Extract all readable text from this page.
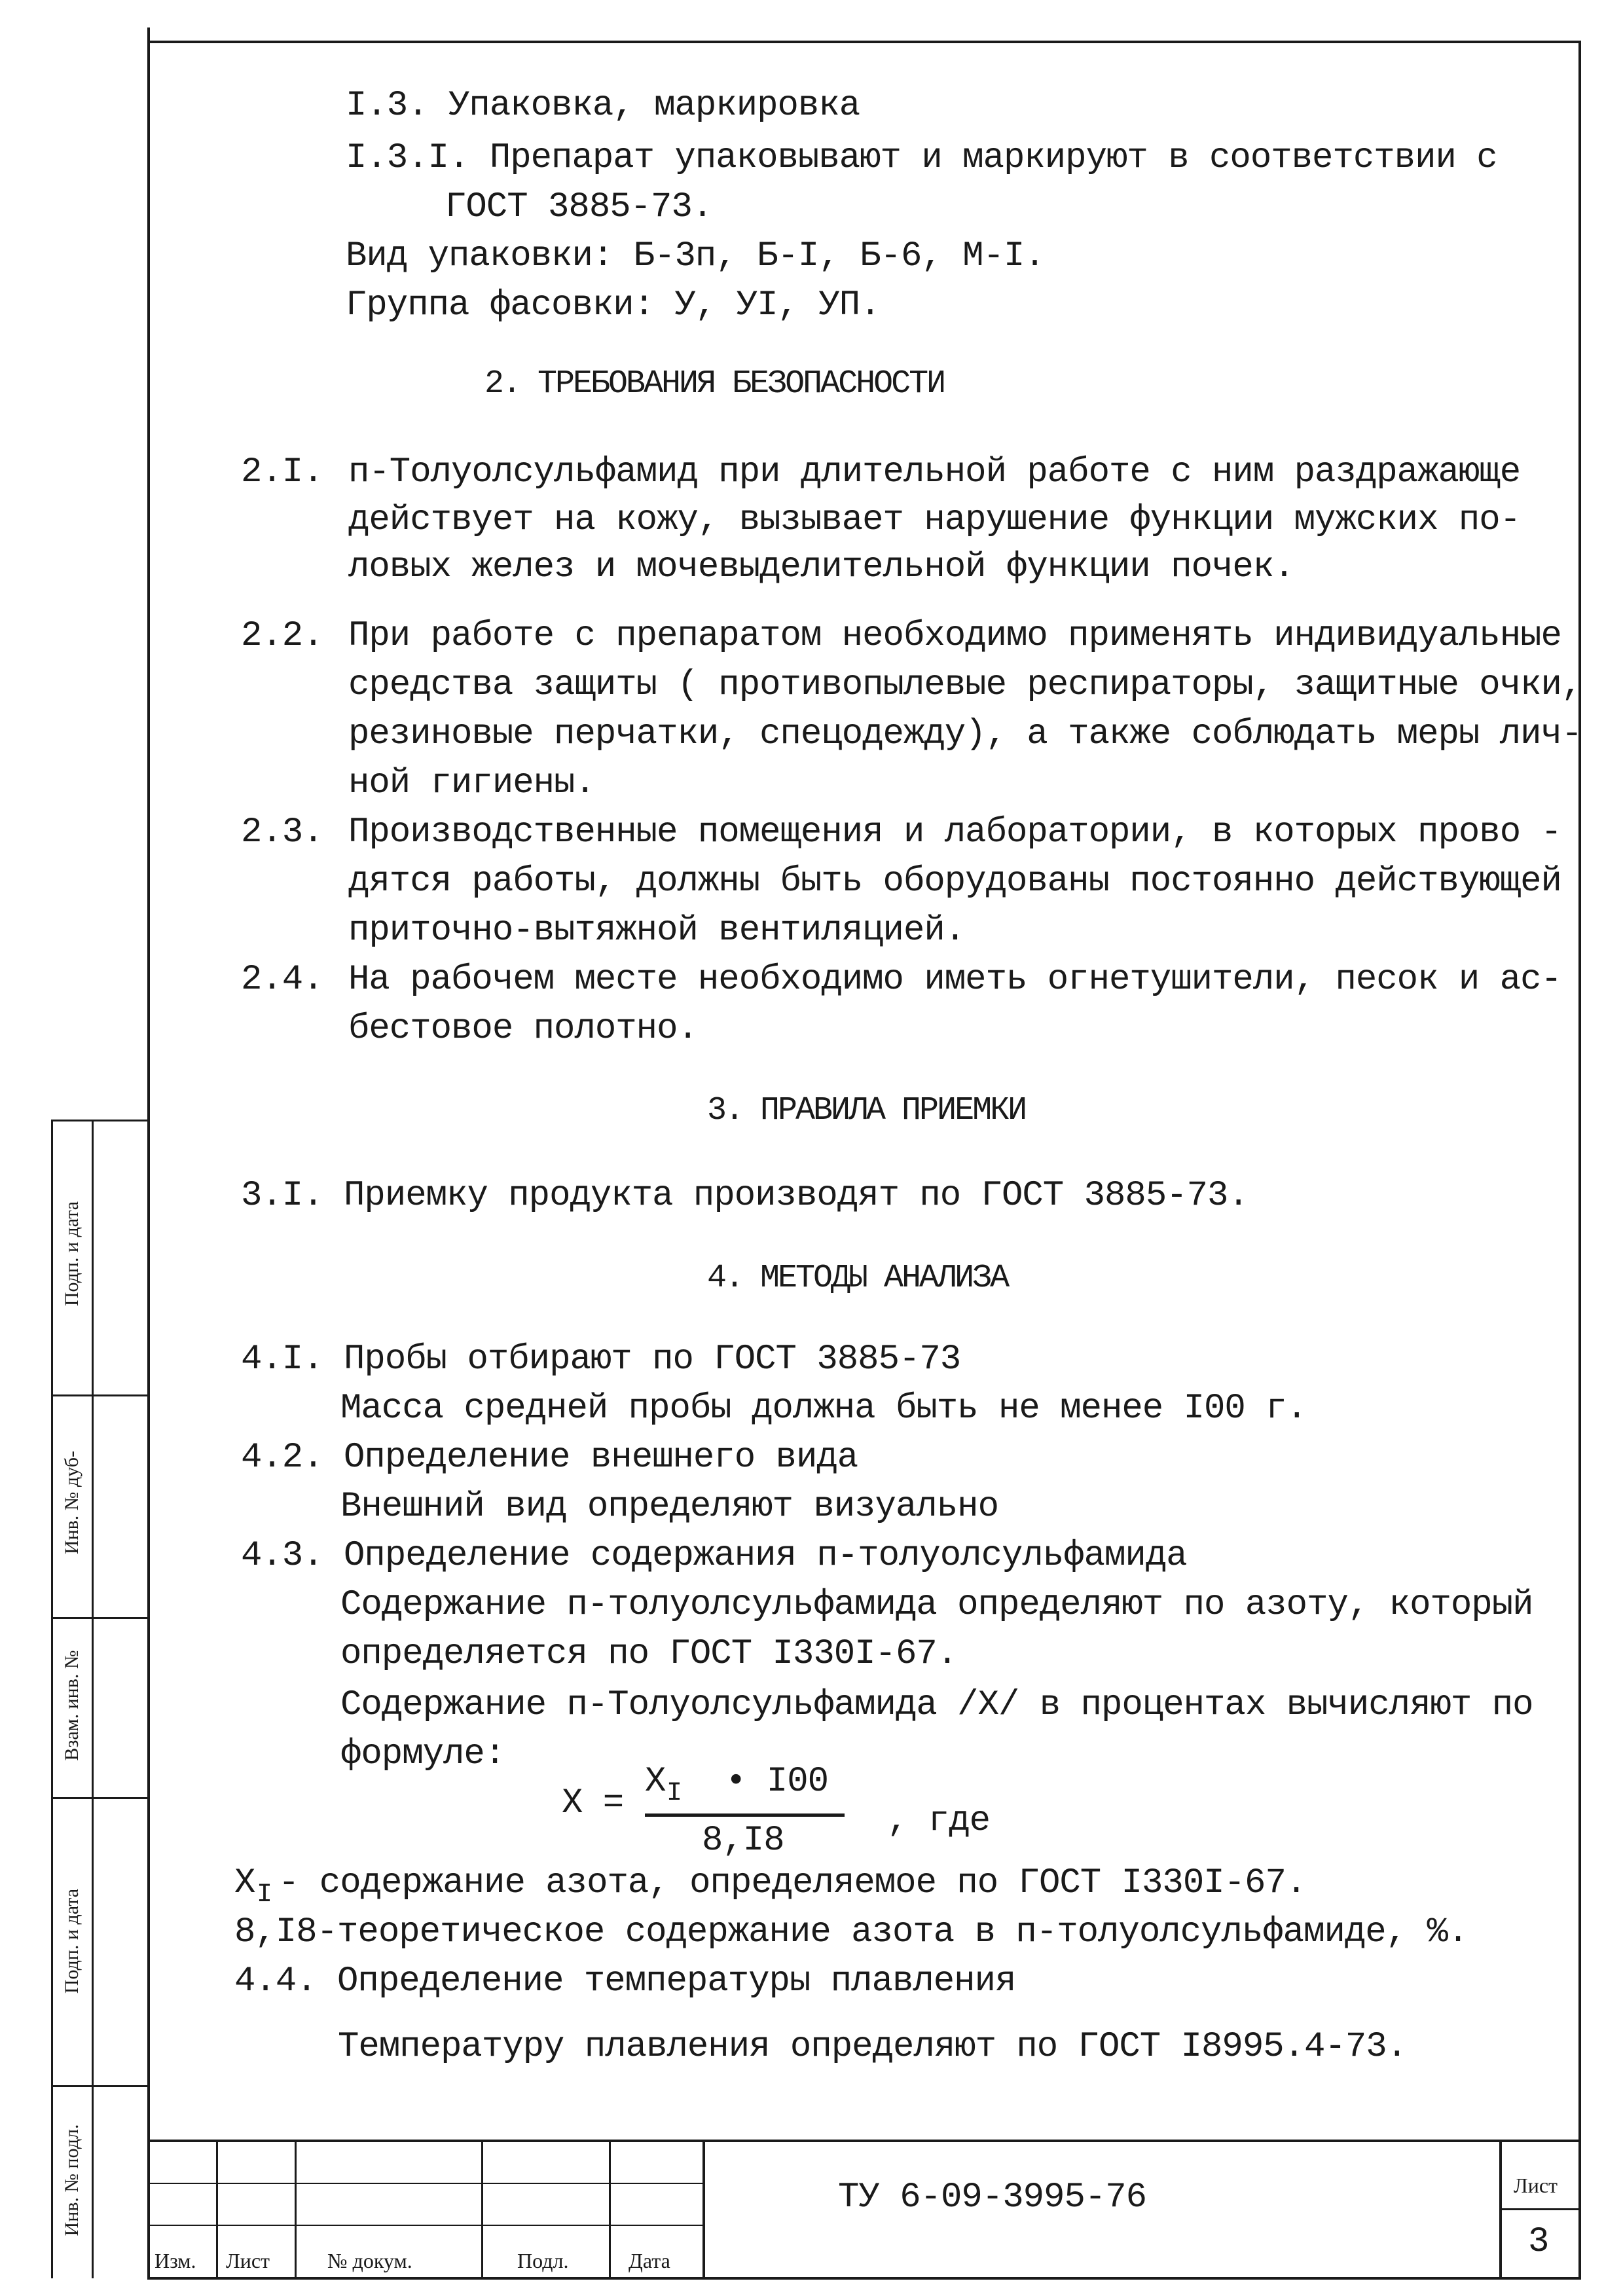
Подп. и дата
Инв. № дуб-
Взам. инв. №
Подп. и дата
Инв. № подл.
I.3. Упаковка, маркировка
I.3.I. Препарат упаковывают и маркируют в соответствии с
ГОСТ 3885-73.
Вид упаковки: Б-3п, Б-I, Б-6, М-I.
Группа фасовки: У, УI, УП.
2. ТРЕБОВАНИЯ БЕЗОПАСНОСТИ
2.I. п-Толуолсульфамид при длительной работе с ним раздражающе
действует на кожу, вызывает нарушение функции мужских по-
ловых желез и мочевыделительной функции почек.
2.2. При работе с препаратом необходимо применять индивидуальные
средства защиты ( противопылевые респираторы, защитные очки,
резиновые перчатки, спецодежду), а также соблюдать меры лич-
ной гигиены.
2.3. Производственные помещения и лаборатории, в которых прово -
дятся работы, должны быть оборудованы постоянно действующей
приточно-вытяжной вентиляцией.
2.4. На рабочем месте необходимо иметь огнетушители, песок и ас-
бестовое полотно.
3. ПРАВИЛА ПРИЕМКИ
3.I. Приемку продукта производят по ГОСТ 3885-73.
4. МЕТОДЫ АНАЛИЗА
4.I. Пробы отбирают по ГОСТ 3885-73
Масса средней пробы должна быть не менее I00 г.
4.2. Определение внешнего вида
Внешний вид определяют визуально
4.3. Определение содержания п-толуолсульфамида
Содержание п-толуолсульфамида определяют по азоту, который
определяется по ГОСТ I330I-67.
Содержание п-Толуолсульфамида /Х/ в процентах вычисляют по
формуле:
Х =
Х I • I00
8,I8	, где
Х I - содержание азота, определяемое по ГОСТ I330I-67.
8,I8-теоретическое содержание азота в п-толуолсульфамиде, %.
4.4. Определение температуры плавления
Температуру плавления определяют по ГОСТ I8995.4-73.
Изм. Лист	№ докум.	Подл.	Дата
ТУ 6-09-3995-76	Лист
3
